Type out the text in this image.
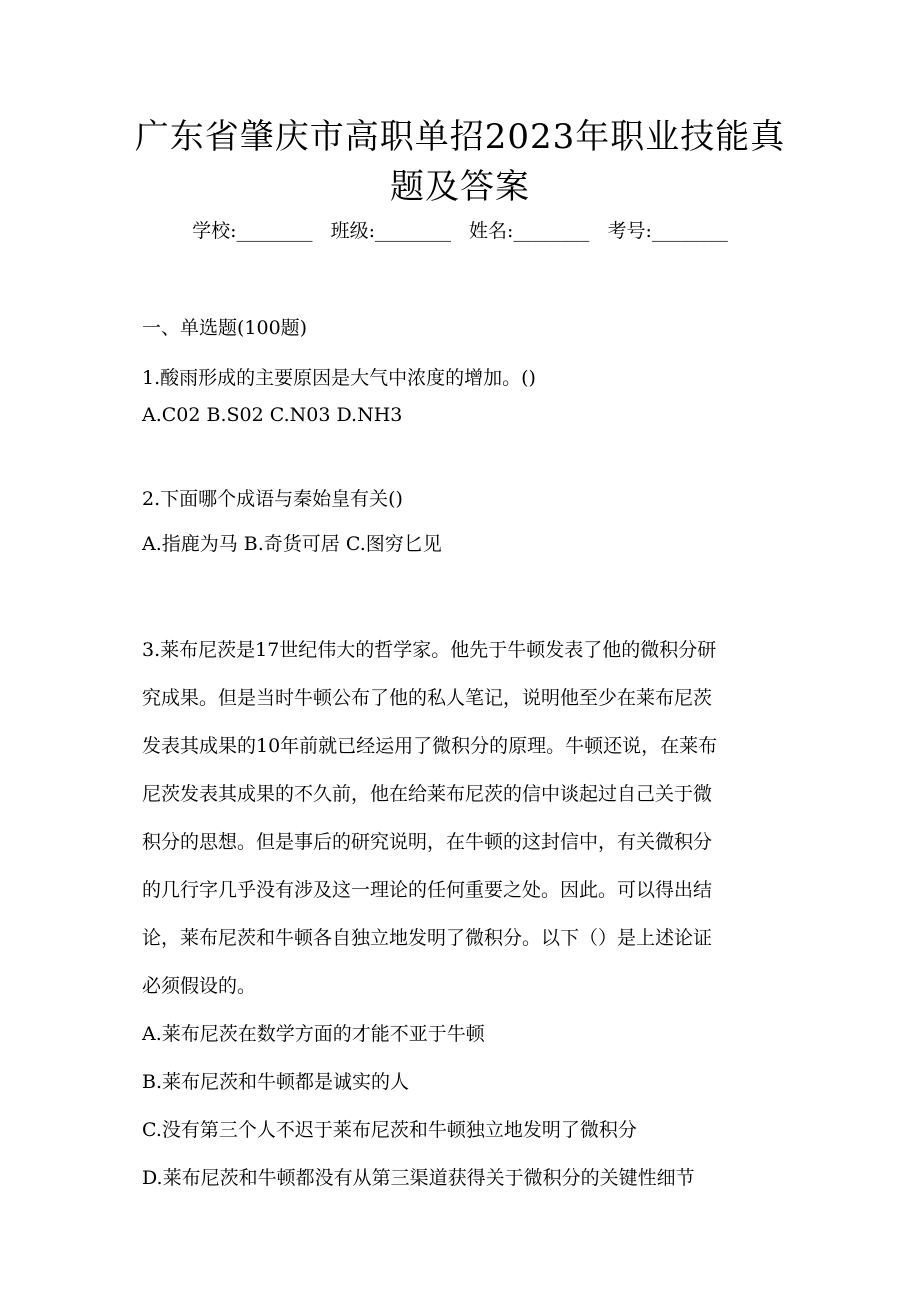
广东省肇庆市高职单招2023年职业技能真
题及答案
学校:________ 班级:________ 姓名:________ 考号:________
一、单选题(100题)
1.酸雨形成的主要原因是大气中浓度的增加。()
A.C02 B.S02 C.N03 D.NH3
2.下面哪个成语与秦始皇有关()
A.指鹿为马 B.奇货可居 C.图穷匕见
3.莱布尼茨是17世纪伟大的哲学家。他先于牛顿发表了他的微积分研
究成果。但是当时牛顿公布了他的私人笔记，说明他至少在莱布尼茨
发表其成果的10年前就已经运用了微积分的原理。牛顿还说，在莱布
尼茨发表其成果的不久前，他在给莱布尼茨的信中谈起过自己关于微
积分的思想。但是事后的研究说明，在牛顿的这封信中，有关微积分
的几行字几乎没有涉及这一理论的任何重要之处。因此。可以得出结
论，莱布尼茨和牛顿各自独立地发明了微积分。以下（）是上述论证
必须假设的。
A.莱布尼茨在数学方面的才能不亚于牛顿
B.莱布尼茨和牛顿都是诚实的人
C.没有第三个人不迟于莱布尼茨和牛顿独立地发明了微积分
D.莱布尼茨和牛顿都没有从第三渠道获得关于微积分的关键性细节
